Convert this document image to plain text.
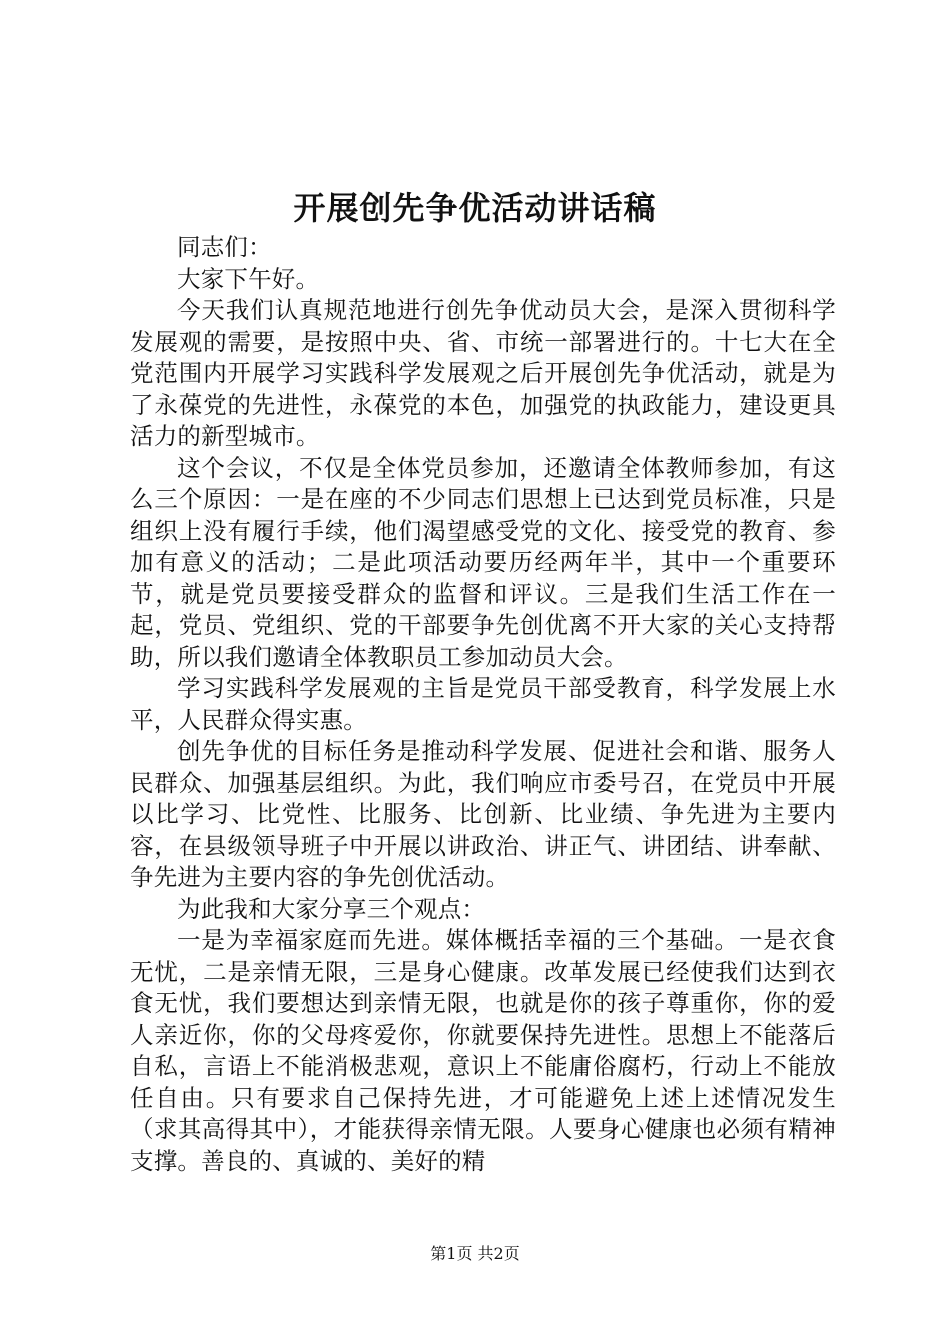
开展创先争优活动讲话稿

同志们：

大家下午好。

今天我们认真规范地进行创先争优动员大会，是深入贯彻科学发展观的需要，是按照中央、省、市统一部署进行的。十七大在全党范围内开展学习实践科学发展观之后开展创先争优活动，就是为了永葆党的先进性，永葆党的本色，加强党的执政能力，建设更具活力的新型城市。

这个会议，不仅是全体党员参加，还邀请全体教师参加，有这么三个原因：一是在座的不少同志们思想上已达到党员标准，只是组织上没有履行手续，他们渴望感受党的文化、接受党的教育、参加有意义的活动；二是此项活动要历经两年半，其中一个重要环节，就是党员要接受群众的监督和评议。三是我们生活工作在一起，党员、党组织、党的干部要争先创优离不开大家的关心支持帮助，所以我们邀请全体教职员工参加动员大会。

学习实践科学发展观的主旨是党员干部受教育，科学发展上水平，人民群众得实惠。

创先争优的目标任务是推动科学发展、促进社会和谐、服务人民群众、加强基层组织。为此，我们响应市委号召，在党员中开展以比学习、比党性、比服务、比创新、比业绩、争先进为主要内容，在县级领导班子中开展以讲政治、讲正气、讲团结、讲奉献、争先进为主要内容的争先创优活动。

为此我和大家分享三个观点：

一是为幸福家庭而先进。媒体概括幸福的三个基础。一是衣食无忧，二是亲情无限，三是身心健康。改革发展已经使我们达到衣食无忧，我们要想达到亲情无限，也就是你的孩子尊重你，你的爱人亲近你，你的父母疼爱你，你就要保持先进性。思想上不能落后自私，言语上不能消极悲观，意识上不能庸俗腐朽，行动上不能放任自由。只有要求自己保持先进，才可能避免上述上述情况发生（求其高得其中），才能获得亲情无限。人要身心健康也必须有精神支撑。善良的、真诚的、美好的精

第1页 共2页
